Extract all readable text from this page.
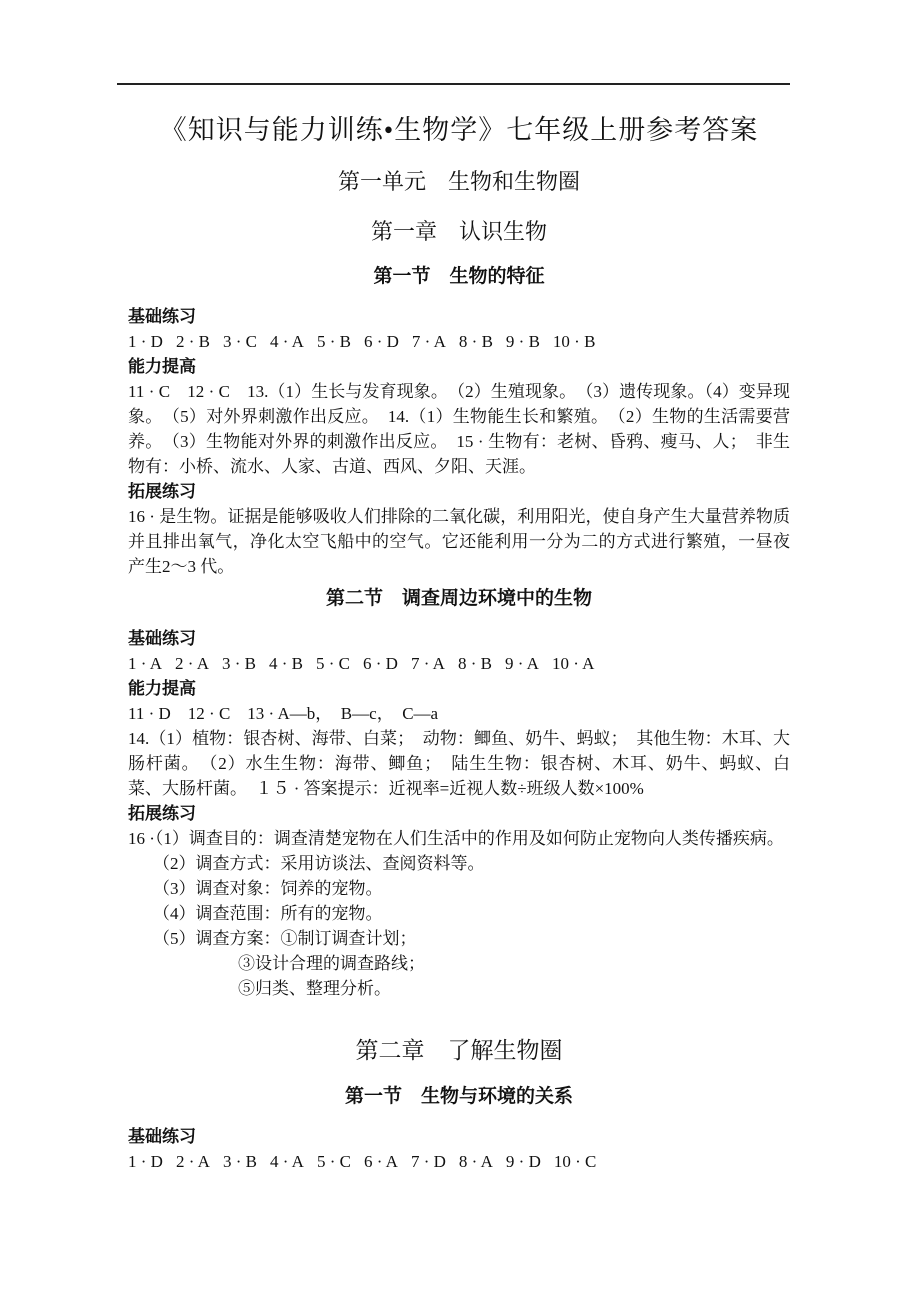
《知识与能力训练•生物学》七年级上册参考答案
第一单元　生物和生物圈
第一章　认识生物
第一节　生物的特征
基础练习
1 · D 2 · B 3 · C 4 · A 5 · B 6 · D 7 · A 8 · B 9 · B 10 · B
能力提高

11 · C　12 · C　13.（1）生长与发育现象。　（2）生殖现象。　（3）遗传现象。（4）变异现象。　（5）对外界刺激作出反应。　14.（1）生物能生长和繁殖。　（2）生物的生活需要营养。　（3）生物能对外界的刺激作出反应。　15 · 生物有：老树、昏鸦、瘦马、人；　非生物有：小桥、流水、人家、古道、西风、夕阳、天涯。

拓展练习

16 · 是生物。证据是能够吸收人们排除的二氧化碳，利用阳光，使自身产生大量营养物质并且排出氧气，净化太空飞船中的空气。它还能利用一分为二的方式进行繁殖，一昼夜产生2～3 代。

第二节　调查周边环境中的生物
基础练习
1 · A 2 · A 3 · B 4 · B 5 · C 6 · D 7 · A 8 · B 9 · A 10 · A
能力提高
11 · D　12 · C　13 · A—b，　B—c，　C—a

14.（1）植物：银杏树、海带、白菜；　动物：鲫鱼、奶牛、蚂蚁；　其他生物：木耳、大肠杆菌。　（2）水生生物：海带、鲫鱼；　陆生生物：银杏树、木耳、奶牛、蚂蚁、白菜、大肠杆菌。　１５ · 答案提示：近视率=近视人数÷班级人数×100%

拓展练习
16 ·（1）调查目的：调查清楚宠物在人们生活中的作用及如何防止宠物向人类传播疾病。
（2）调查方式：采用访谈法、查阅资料等。
（3）调查对象：饲养的宠物。
（4）调查范围：所有的宠物。
（5）调查方案：①制订调查计划；
③设计合理的调查路线；
⑤归类、整理分析。
第二章　了解生物圈
第一节　生物与环境的关系
基础练习
1 · D 2 · A 3 · B 4 · A 5 · C 6 · A 7 · D 8 · A 9 · D 10 · C
